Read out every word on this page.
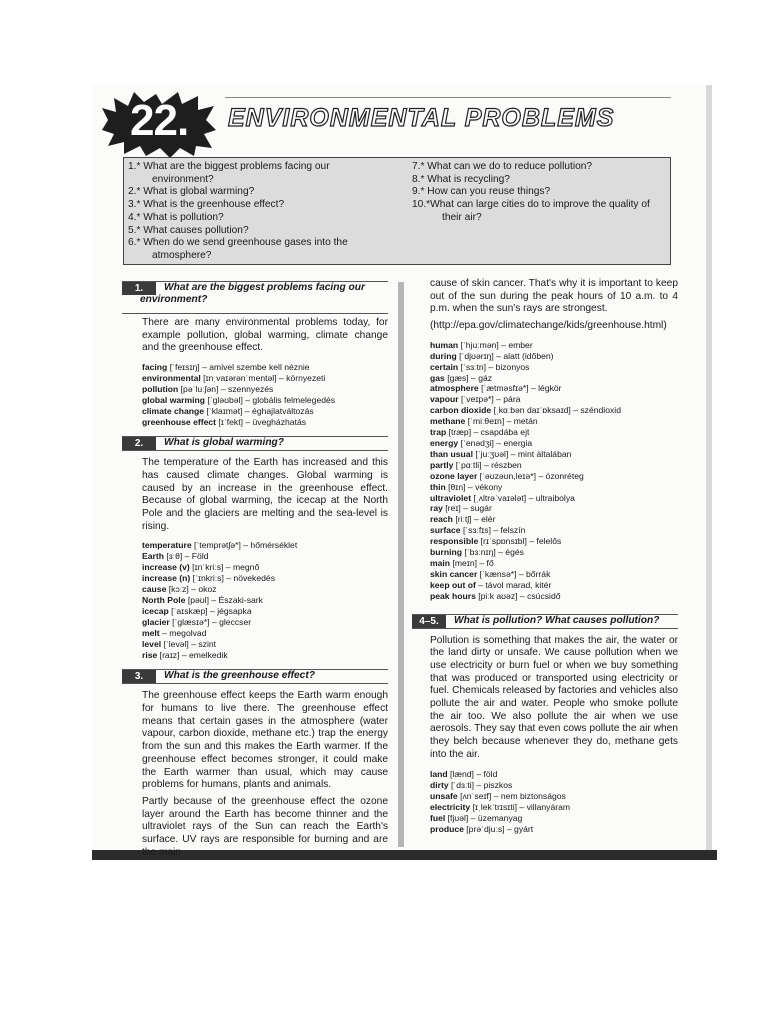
22. ENVIRONMENTAL PROBLEMS
1.* What are the biggest problems facing our
environment?
2.* What is global warming?
3.* What is the greenhouse effect?
4.* What is pollution?
5.* What causes pollution?
6.* When do we send greenhouse gases into the
atmosphere?
7.* What can we do to reduce pollution?
8.* What is recycling?
9.* How can you reuse things?
10.*What can large cities do to improve the quality of
their air?
1.	What are the biggest problems facing our
environment?

There are many environmental problems today, for example pollution, global warming, climate change and the greenhouse effect.

facing [ˈfeɪsɪŋ] – amivel szembe kell néznie
environmental [ɪnˌvaɪərənˈmentəl] – környezeti
pollution [pəˈluːʃən] – szennyezés
global warming [ˈɡləʊbəl] – globális felmelegedés
climate change [ˈklaɪmət] – éghajlatváltozás
greenhouse effect [ɪˈfekt] – üvegházhatás
2.	What is global warming?

The temperature of the Earth has increased and this has caused climate changes. Global warming is caused by an increase in the greenhouse effect. Because of global warming, the icecap at the North Pole and the glaciers are melting and the sea-level is rising.

temperature [ˈtemprətʃə*] – hőmérséklet
Earth [ɜːθ] – Föld
increase (v) [ɪnˈkriːs] – megnő
increase (n) [ˈɪnkriːs] – növekedés
cause [kɔːz] – okoz
North Pole [pəʊl] – Északi-sark
icecap [ˈaɪskæp] – jégsapka
glacier [ˈɡlæsɪə*] – gleccser
melt – megolvad
level [ˈlevəl] – szint
rise [raɪz] – emelkedik
3.	What is the greenhouse effect?

The greenhouse effect keeps the Earth warm enough for humans to live there. The greenhouse effect means that certain gases in the atmosphere (water vapour, carbon dioxide, methane etc.) trap the energy from the sun and this makes the Earth warmer. If the greenhouse effect becomes stronger, it could make the Earth warmer than usual, which may cause problems for humans, plants and animals.

Partly because of the greenhouse effect the ozone layer around the Earth has become thinner and the ultraviolet rays of the Sun can reach the Earth's surface. UV rays are responsible for burning and are the main

cause of skin cancer. That's why it is important to keep out of the sun during the peak hours of 10 a.m. to 4 p.m. when the sun's rays are strongest.

(http://epa.gov/climatechange/kids/greenhouse.html)

human [ˈhjuːmən] – ember
during [ˈdjʊərɪŋ] – alatt (időben)
certain [ˈsɜːtn] – bizonyos
gas [ɡæs] – gáz
atmosphere [ˈætməsfɪə*] – légkör
vapour [ˈveɪpə*] – pára
carbon dioxide [ˌkɑːbən daɪˈɒksaɪd] – széndioxid
methane [ˈmiːθeɪn] – metán
trap [træp] – csapdába ejt
energy [ˈenədʒi] – energia
than usual [ˈjuːʒʊəl] – mint általában
partly [ˈpɑːtli] – részben
ozone layer [ˈəʊzəʊn,leɪə*] – ózonréteg
thin [θɪn] – vékony
ultraviolet [ˌʌltrəˈvaɪələt] – ultraibolya
ray [reɪ] – sugár
reach [riːtʃ] – elér
surface [ˈsɜːfɪs] – felszín
responsible [rɪˈspɒnsɪbl] – felelős
burning [ˈbɜːnɪŋ] – égés
main [meɪn] – fő
skin cancer [ˈkænsə*] – bőrrák
keep out of – távol marad, kitér
peak hours [piːk aʊəz] – csúcsidő
4–5.	What is pollution? What causes pollution?

Pollution is something that makes the air, the water or the land dirty or unsafe. We cause pollution when we use electricity or burn fuel or when we buy something that was produced or transported using electricity or fuel. Chemicals released by factories and vehicles also pollute the air and water. People who smoke pollute the air too. We also pollute the air when we use aerosols. They say that even cows pollute the air when they belch because whenever they do, methane gets into the air.

land [lænd] – föld
dirty [ˈdɜːti] – piszkos
unsafe [ʌnˈseɪf] – nem biztonságos
electricity [ɪˌlekˈtrɪsɪti] – villanyáram
fuel [fjʊəl] – üzemanyag
produce [prəˈdjuːs] – gyárt
